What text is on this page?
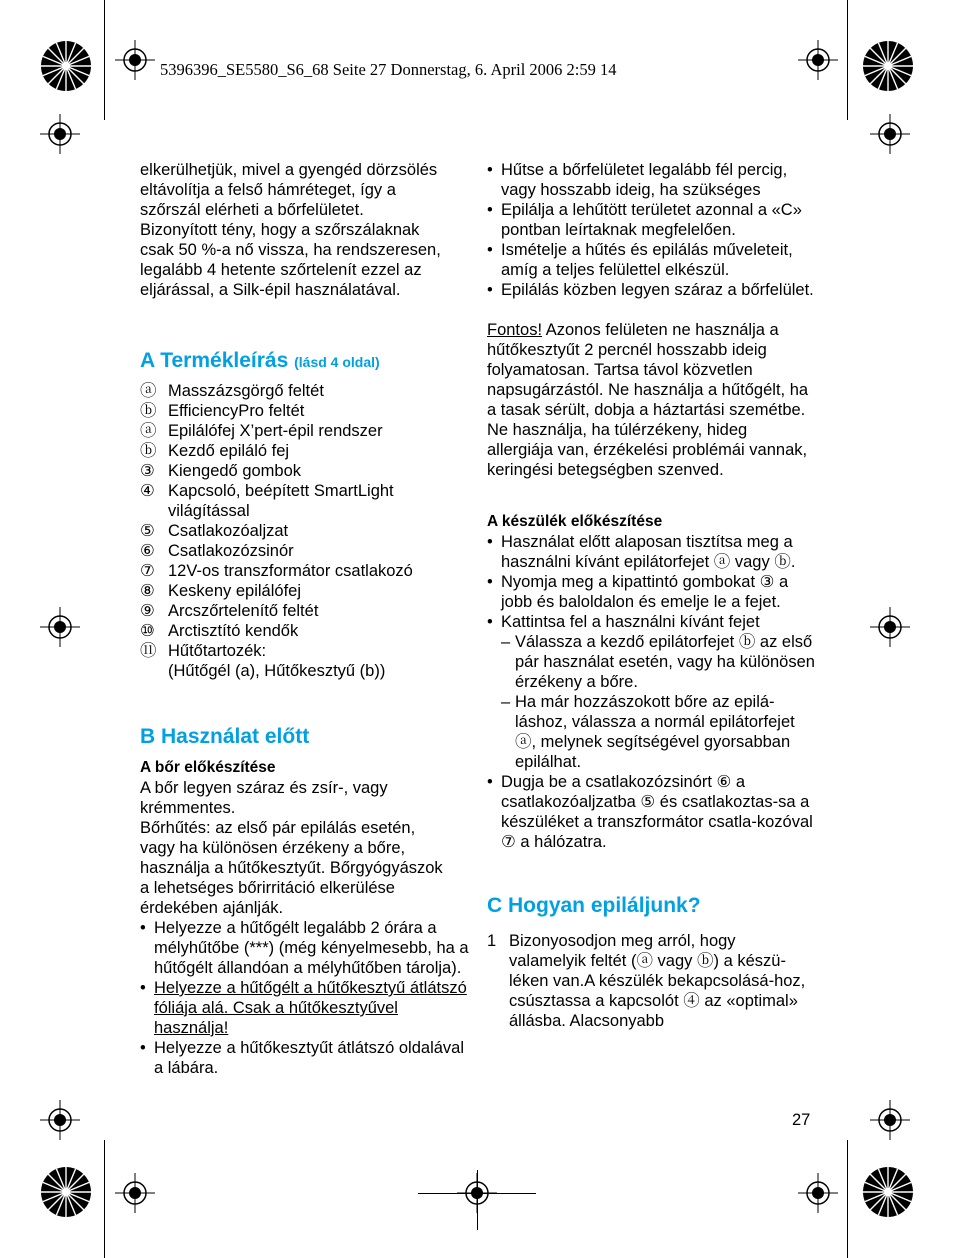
5396396_SE5580_S6_68 Seite 27 Donnerstag, 6. April 2006 2:59 14

elkerülhetjük, mivel a gyengéd dörzsölés

eltávolítja a felső hámréteget, így a

szőrszál elérheti a bőrfelületet.

Bizonyított tény, hogy a szőrszálaknak

csak 50 %-a nő vissza, ha rendszeresen,

legalább 4 hetente szőrtelenít ezzel az

eljárással, a Silk-épil használatával.

A Termékleírás (lásd 4 oldal)
ⓐ Masszázsgörgő feltét
ⓑ EfficiencyPro feltét
ⓐ Epilálófej X’pert-épil rendszer
ⓑ Kezdő epiláló fej
③ Kiengedő gombok
④ Kapcsoló, beépített SmartLight világítással
⑤ Csatlakozóaljzat
⑥ Csatlakozózsinór
⑦ 12V-os transzformátor csatlakozó
⑧ Keskeny epilálófej
⑨ Arcszőrtelenítő feltét
⑩ Arctisztító kendők
⑪ Hűtőtartozék:
(Hűtőgél (a), Hűtőkesztyű (b))
B Használat előtt
A bőr előkészítése

A bőr legyen száraz és zsír-, vagy

krémmentes.

Bőrhűtés: az első pár epilálás esetén,

vagy ha különösen érzékeny a bőre,

használja a hűtőkesztyűt. Bőrgyógyászok

a lehetséges bőrirritáció elkerülése

érdekében ajánlják.

• Helyezze a hűtőgélt legalább 2 órára a mélyhűtőbe (***) (még kényelmesebb, ha a hűtőgélt állandóan a mélyhűtőben tárolja).
• Helyezze a hűtőgélt a hűtőkesztyű átlátszó fóliája alá. Csak a hűtőkesztyűvel használja!
• Helyezze a hűtőkesztyűt átlátszó oldalával a lábára.
• Hűtse a bőrfelületet legalább fél percig, vagy hosszabb ideig, ha szükséges
• Epilálja a lehűtött területet azonnal a «C» pontban leírtaknak megfelelően.
• Ismételje a hűtés és epilálás műveleteit, amíg a teljes felülettel elkészül.
• Epilálás közben legyen száraz a bőrfelület.

Fontos! Azonos felületen ne használja a hűtőkesztyűt 2 percnél hosszabb ideig folyamatosan. Tartsa távol közvetlen napsugárzástól. Ne használja a hűtőgélt, ha a tasak sérült, dobja a háztartási szemétbe.

Ne használja, ha túlérzékeny, hideg allergiája van, érzékelési problémái vannak, keringési betegségben szenved.

A készülék előkészítése
• Használat előtt alaposan tisztítsa meg a használni kívánt epilátorfejet ⓐ vagy ⓑ.
• Nyomja meg a kipattintó gombokat ③ a jobb és baloldalon és emelje le a fejet.
• Kattintsa fel a használni kívánt fejet
– Válassza a kezdő epilátorfejet ⓑ az első pár használat esetén, vagy ha különösen érzékeny a bőre.
– Ha már hozzászokott bőre az epilá-láshoz, válassza a normál epilátorfejet ⓐ, melynek segítségével gyorsabban epilálhat.
• Dugja be a csatlakozózsinórt ⑥ a csatlakozóaljzatba ⑤ és csatlakoztas-sa a készüléket a transzformátor csatla-kozóval ⑦ a hálózatra.
C Hogyan epiláljunk?
1 Bizonyosodjon meg arról, hogy valamelyik feltét (ⓐ vagy ⓑ) a készü-léken van.A készülék bekapcsolásá-hoz, csúsztassa a kapcsolót ④ az «optimal» állásba. Alacsonyabb
27
